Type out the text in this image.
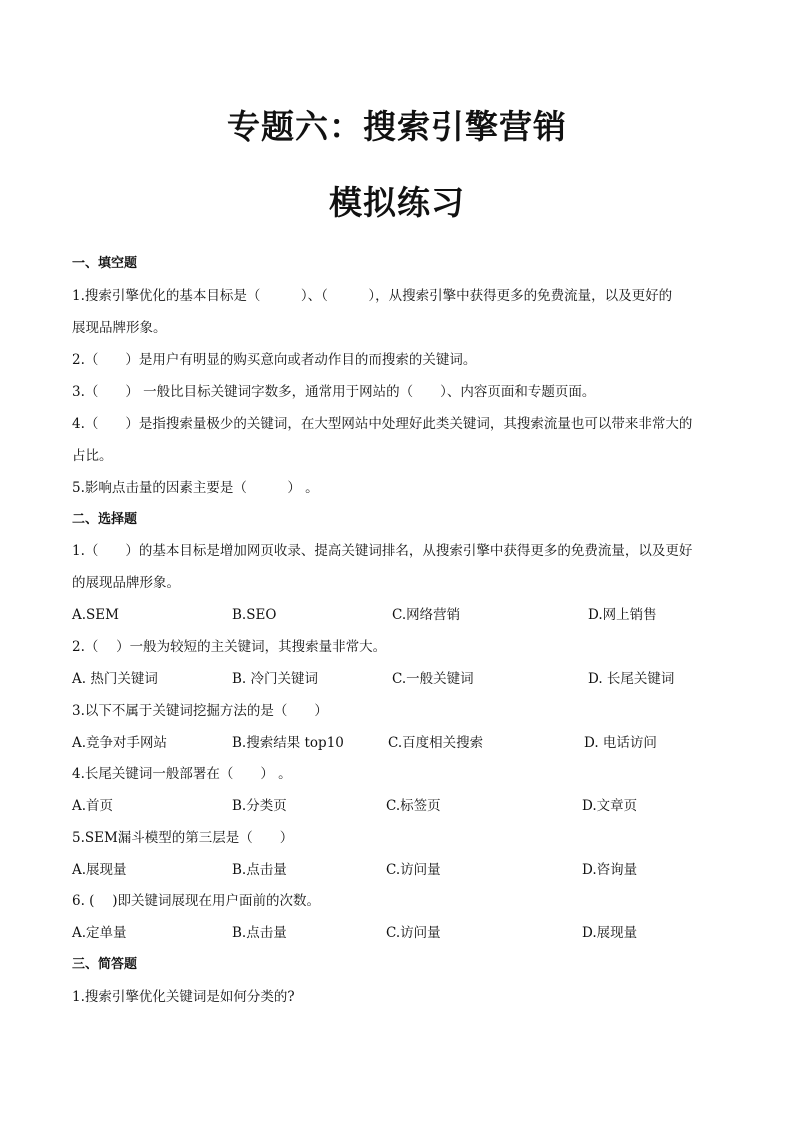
专题六：搜索引擎营销
模拟练习
一、填空题
1.搜索引擎优化的基本目标是（　　　）、（　　　），从搜索引擎中获得更多的免费流量，以及更好的
展现品牌形象。
2.（　　）是用户有明显的购买意向或者动作目的而搜索的关键词。
3.（　　） 一般比目标关键词字数多，通常用于网站的（　　）、内容页面和专题页面。
4.（　　）是指搜索量极少的关键词，在大型网站中处理好此类关键词，其搜索流量也可以带来非常大的
占比。
5.影响点击量的因素主要是（　　　） 。
二、选择题
1.（　　）的基本目标是增加网页收录、提高关键词排名，从搜索引擎中获得更多的免费流量，以及更好
的展现品牌形象。
A.SEM	B.SEO	C.网络营销	D.网上销售
2.（　 ）一般为较短的主关键词，其搜索量非常大。
A. 热门关键词	B. 冷门关键词	C.一般关键词	D. 长尾关键词
3.以下不属于关键词挖掘方法的是（　　）
A.竞争对手网站	B.搜索结果 top10	C.百度相关搜索	D. 电话访问
4.长尾关键词一般部署在（　　） 。
A.首页	B.分类页	C.标签页	D.文章页
5.SEM漏斗模型的第三层是（　　）
A.展现量	B.点击量	C.访问量	D.咨询量
6. (　 )即关键词展现在用户面前的次数。
A.定单量	B.点击量	C.访问量	D.展现量
三、简答题
1.搜索引擎优化关键词是如何分类的?
